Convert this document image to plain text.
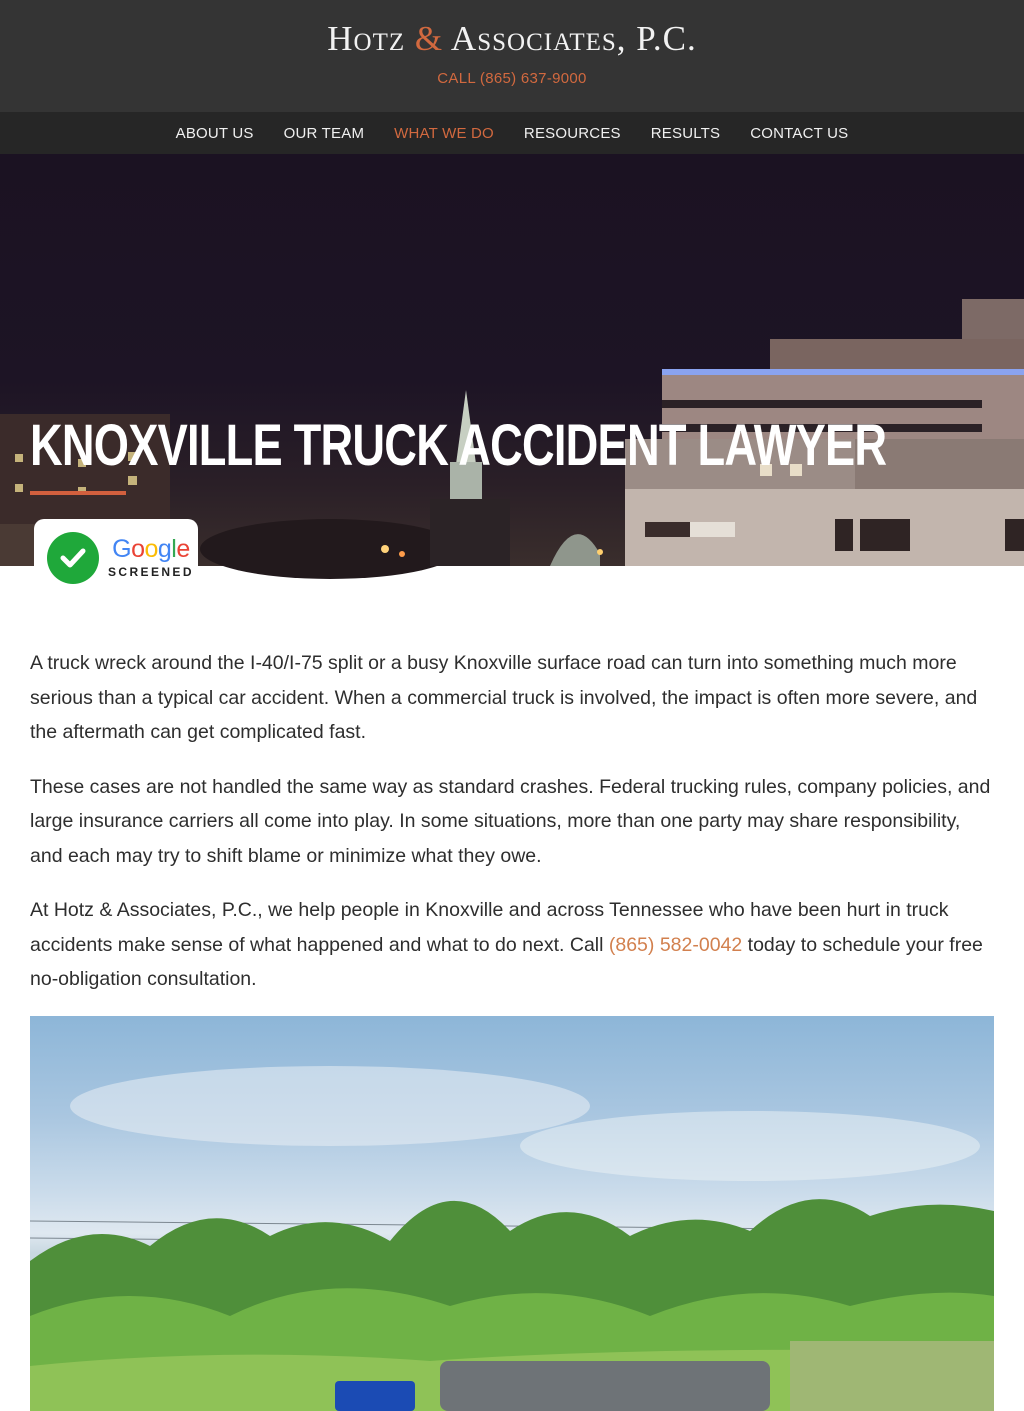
Hotz & Associates, P.C.
CALL (865) 637-9000
ABOUT US	OUR TEAM	WHAT WE DO	RESOURCES	RESULTS	CONTACT US
KNOXVILLE TRUCK ACCIDENT LAWYER
Google
SCREENED

A truck wreck around the I-40/I-75 split or a busy Knoxville surface road can turn into something much more serious than a typical car accident. When a commercial truck is involved, the impact is often more severe, and the aftermath can get complicated fast.

These cases are not handled the same way as standard crashes. Federal trucking rules, company policies, and large insurance carriers all come into play. In some situations, more than one party may share responsibility, and each may try to shift blame or minimize what they owe.

At Hotz & Associates, P.C., we help people in Knoxville and across Tennessee who have been hurt in truck accidents make sense of what happened and what to do next. Call (865) 582-0042 today to schedule your free no-obligation consultation.
